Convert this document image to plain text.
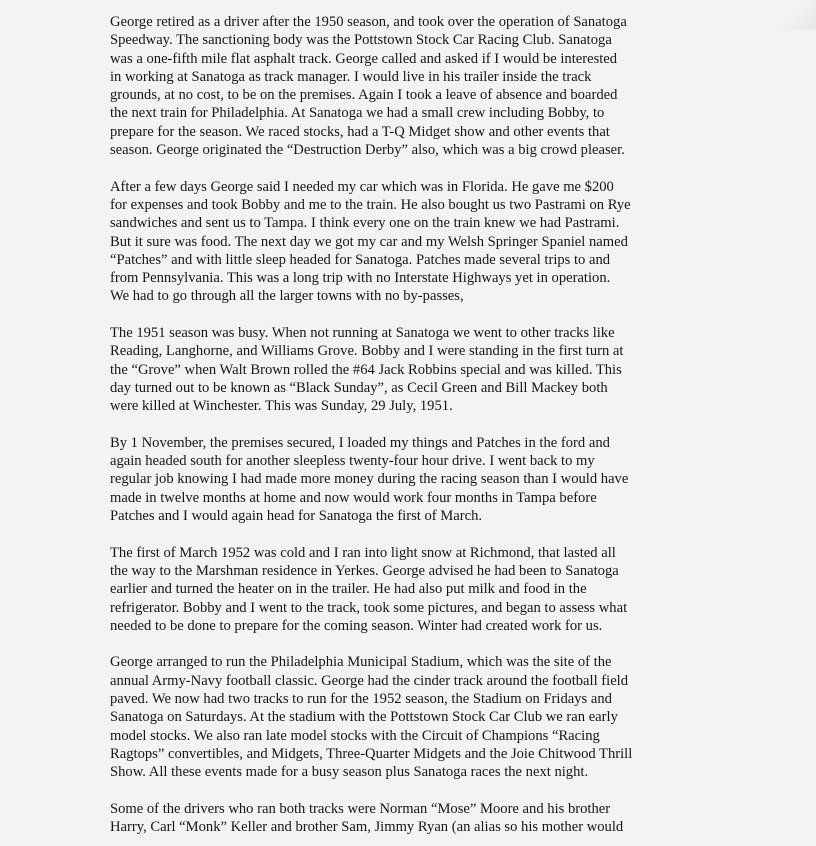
George retired as a driver after the 1950 season, and took over the operation of Sanatoga
Speedway. The sanctioning body was the Pottstown Stock Car Racing Club. Sanatoga
was a one-fifth mile flat asphalt track. George called and asked if I would be interested
in working at Sanatoga as track manager. I would live in his trailer inside the track
grounds, at no cost, to be on the premises. Again I took a leave of absence and boarded
the next train for Philadelphia. At Sanatoga we had a small crew including Bobby, to
prepare for the season. We raced stocks, had a T-Q Midget show and other events that
season. George originated the “Destruction Derby” also, which was a big crowd pleaser.
After a few days George said I needed my car which was in Florida. He gave me $200
for expenses and took Bobby and me to the train. He also bought us two Pastrami on Rye
sandwiches and sent us to Tampa. I think every one on the train knew we had Pastrami.
But it sure was food. The next day we got my car and my Welsh Springer Spaniel named
“Patches” and with little sleep headed for Sanatoga. Patches made several trips to and
from Pennsylvania. This was a long trip with no Interstate Highways yet in operation.
We had to go through all the larger towns with no by-passes,
The 1951 season was busy. When not running at Sanatoga we went to other tracks like
Reading, Langhorne, and Williams Grove. Bobby and I were standing in the first turn at
the “Grove” when Walt Brown rolled the #64 Jack Robbins special and was killed. This
day turned out to be known as “Black Sunday”, as Cecil Green and Bill Mackey both
were killed at Winchester. This was Sunday, 29 July, 1951.
By 1 November, the premises secured, I loaded my things and Patches in the ford and
again headed south for another sleepless twenty-four hour drive. I went back to my
regular job knowing I had made more money during the racing season than I would have
made in twelve months at home and now would work four months in Tampa before
Patches and I would again head for Sanatoga the first of March.
The first of March 1952 was cold and I ran into light snow at Richmond, that lasted all
the way to the Marshman residence in Yerkes. George advised he had been to Sanatoga
earlier and turned the heater on in the trailer. He had also put milk and food in the
refrigerator. Bobby and I went to the track, took some pictures, and began to assess what
needed to be done to prepare for the coming season. Winter had created work for us.
George arranged to run the Philadelphia Municipal Stadium, which was the site of the
annual Army-Navy football classic. George had the cinder track around the football field
paved. We now had two tracks to run for the 1952 season, the Stadium on Fridays and
Sanatoga on Saturdays. At the stadium with the Pottstown Stock Car Club we ran early
model stocks. We also ran late model stocks with the Circuit of Champions “Racing
Ragtops” convertibles, and Midgets, Three-Quarter Midgets and the Joie Chitwood Thrill
Show. All these events made for a busy season plus Sanatoga races the next night.
Some of the drivers who ran both tracks were Norman “Mose” Moore and his brother
Harry, Carl “Monk” Keller and brother Sam, Jimmy Ryan (an alias so his mother would
